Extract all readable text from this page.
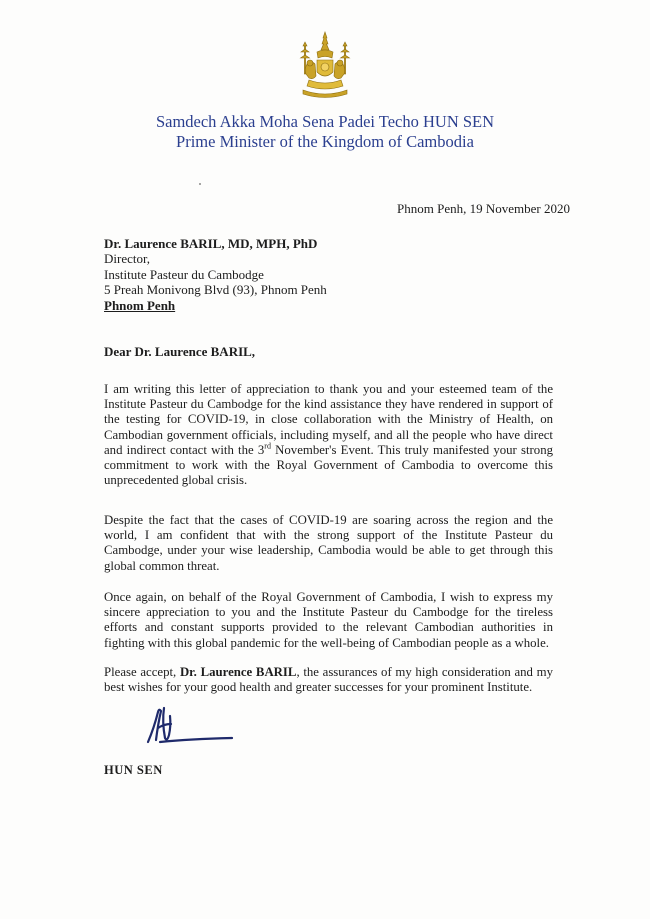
Samdech Akka Moha Sena Padei Techo HUN SEN
Prime Minister of the Kingdom of Cambodia
Phnom Penh, 19 November 2020
Dr. Laurence BARIL, MD, MPH, PhD
Director,
Institute Pasteur du Cambodge
5 Preah Monivong Blvd (93), Phnom Penh
Phnom Penh
Dear Dr. Laurence BARIL,
I am writing this letter of appreciation to thank you and your esteemed team of the
Institute Pasteur du Cambodge for the kind assistance they have rendered in support of
the testing for COVID-19, in close collaboration with the Ministry of Health, on
Cambodian government officials, including myself, and all the people who have direct
and indirect contact with the 3rd November's Event. This truly manifested your strong
commitment to work with the Royal Government of Cambodia to overcome this
unprecedented global crisis.
Despite the fact that the cases of COVID-19 are soaring across the region and the
world, I am confident that with the strong support of the Institute Pasteur du
Cambodge, under your wise leadership, Cambodia would be able to get through this
global common threat.
Once again, on behalf of the Royal Government of Cambodia, I wish to express my
sincere appreciation to you and the Institute Pasteur du Cambodge for the tireless
efforts and constant supports provided to the relevant Cambodian authorities in
fighting with this global pandemic for the well-being of Cambodian people as a whole.
Please accept, Dr. Laurence BARIL, the assurances of my high consideration and my
best wishes for your good health and greater successes for your prominent Institute.
HUN SEN
